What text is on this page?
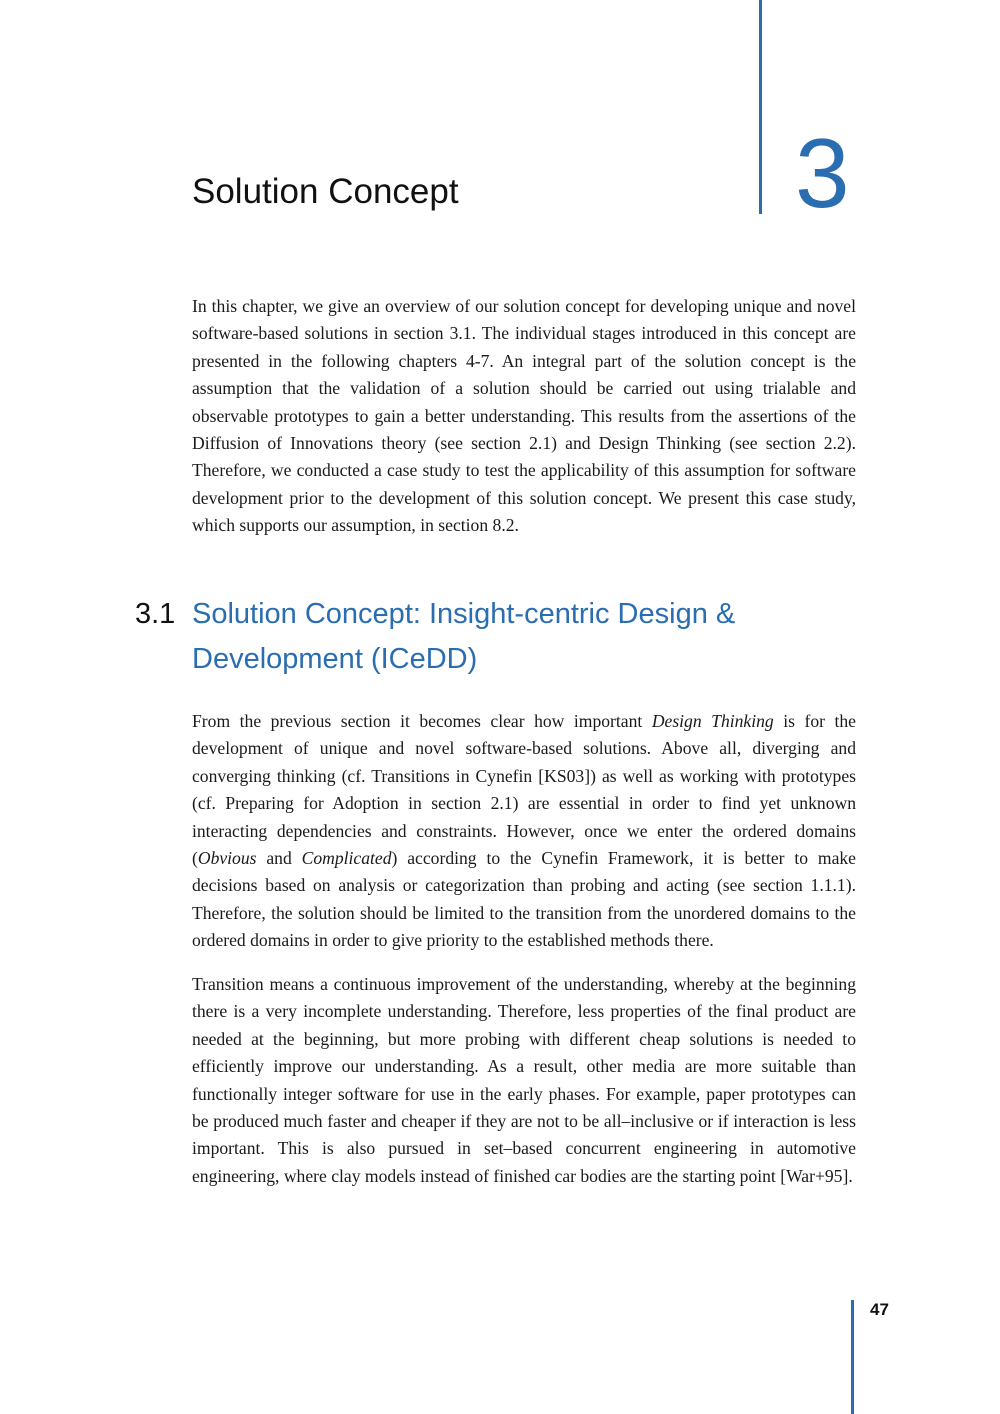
3
Solution Concept

In this chapter, we give an overview of our solution concept for developing unique and novel software-based solutions in section 3.1. The individual stages introduced in this concept are presented in the following chapters 4-7. An integral part of the solution concept is the assumption that the validation of a solution should be carried out using trialable and observable prototypes to gain a better understanding. This results from the assertions of the Diffusion of Innovations theory (see section 2.1) and Design Thinking (see section 2.2). Therefore, we conducted a case study to test the applicability of this assumption for software development prior to the development of this solution concept. We present this case study, which supports our assumption, in section 8.2.

3.1 Solution Concept: Insight-centric Design & Development (ICeDD)

From the previous section it becomes clear how important Design Thinking is for the development of unique and novel software-based solutions. Above all, diverging and converging thinking (cf. Transitions in Cynefin [KS03]) as well as working with prototypes (cf. Preparing for Adoption in section 2.1) are essential in order to find yet unknown interacting dependencies and constraints. However, once we enter the ordered domains (Obvious and Complicated) according to the Cynefin Framework, it is better to make decisions based on analysis or categorization than probing and acting (see section 1.1.1). Therefore, the solution should be limited to the transition from the unordered domains to the ordered domains in order to give priority to the established methods there.

Transition means a continuous improvement of the understanding, whereby at the beginning there is a very incomplete understanding. Therefore, less properties of the final product are needed at the beginning, but more probing with different cheap solutions is needed to efficiently improve our understanding. As a result, other media are more suitable than functionally integer software for use in the early phases. For example, paper prototypes can be produced much faster and cheaper if they are not to be all–inclusive or if interaction is less important. This is also pursued in set–based concurrent engineering in automotive engineering, where clay models instead of finished car bodies are the starting point [War+95].

47
